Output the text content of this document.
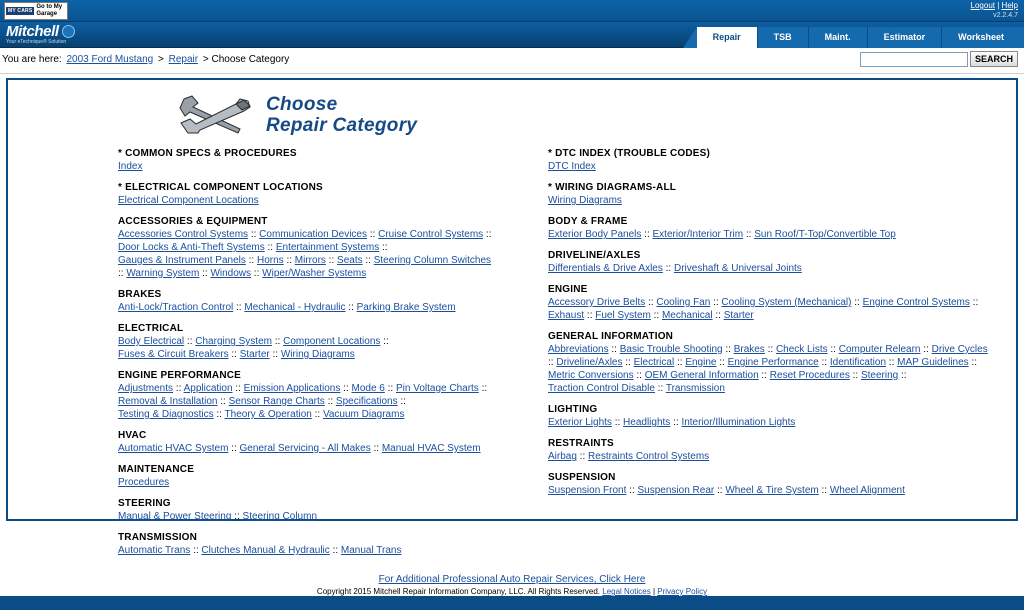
MY CARS
Go to My Garage
Logout | Help
v2.2.4.7
Mitchell
Your eTechnique® Solution	Repair	TSB	Maint.	Estimator	Worksheet
You are here: 2003 Ford Mustang > Repair > Choose Category	SEARCH
Choose
Repair Category
* COMMON SPECS & PROCEDURES
Index
* ELECTRICAL COMPONENT LOCATIONS
Electrical Component Locations
ACCESSORIES & EQUIPMENT
Accessories Control Systems :: Communication Devices :: Cruise Control Systems :: Door Locks & Anti-Theft Systems :: Entertainment Systems :: Gauges & Instrument Panels :: Horns :: Mirrors :: Seats :: Steering Column Switches :: Warning System :: Windows :: Wiper/Washer Systems
BRAKES
Anti-Lock/Traction Control :: Mechanical - Hydraulic :: Parking Brake System
ELECTRICAL
Body Electrical :: Charging System :: Component Locations :: Fuses & Circuit Breakers :: Starter :: Wiring Diagrams
ENGINE PERFORMANCE
Adjustments :: Application :: Emission Applications :: Mode 6 :: Pin Voltage Charts :: Removal & Installation :: Sensor Range Charts :: Specifications :: Testing & Diagnostics :: Theory & Operation :: Vacuum Diagrams
HVAC
Automatic HVAC System :: General Servicing - All Makes :: Manual HVAC System
MAINTENANCE
Procedures
STEERING
Manual & Power Steering :: Steering Column
TRANSMISSION
Automatic Trans :: Clutches Manual & Hydraulic :: Manual Trans
* DTC INDEX (TROUBLE CODES)
DTC Index
* WIRING DIAGRAMS-ALL
Wiring Diagrams
BODY & FRAME
Exterior Body Panels :: Exterior/Interior Trim :: Sun Roof/T-Top/Convertible Top
DRIVELINE/AXLES
Differentials & Drive Axles :: Driveshaft & Universal Joints
ENGINE
Accessory Drive Belts :: Cooling Fan :: Cooling System (Mechanical) :: Engine Control Systems :: Exhaust :: Fuel System :: Mechanical :: Starter
GENERAL INFORMATION
Abbreviations :: Basic Trouble Shooting :: Brakes :: Check Lists :: Computer Relearn :: Drive Cycles :: Driveline/Axles :: Electrical :: Engine :: Engine Performance :: Identification :: MAP Guidelines :: Metric Conversions :: OEM General Information :: Reset Procedures :: Steering :: Traction Control Disable :: Transmission
LIGHTING
Exterior Lights :: Headlights :: Interior/Illumination Lights
RESTRAINTS
Airbag :: Restraints Control Systems
SUSPENSION
Suspension Front :: Suspension Rear :: Wheel & Tire System :: Wheel Alignment
For Additional Professional Auto Repair Services, Click Here
Copyright 2015 Mitchell Repair Information Company, LLC. All Rights Reserved. Legal Notices | Privacy Policy
